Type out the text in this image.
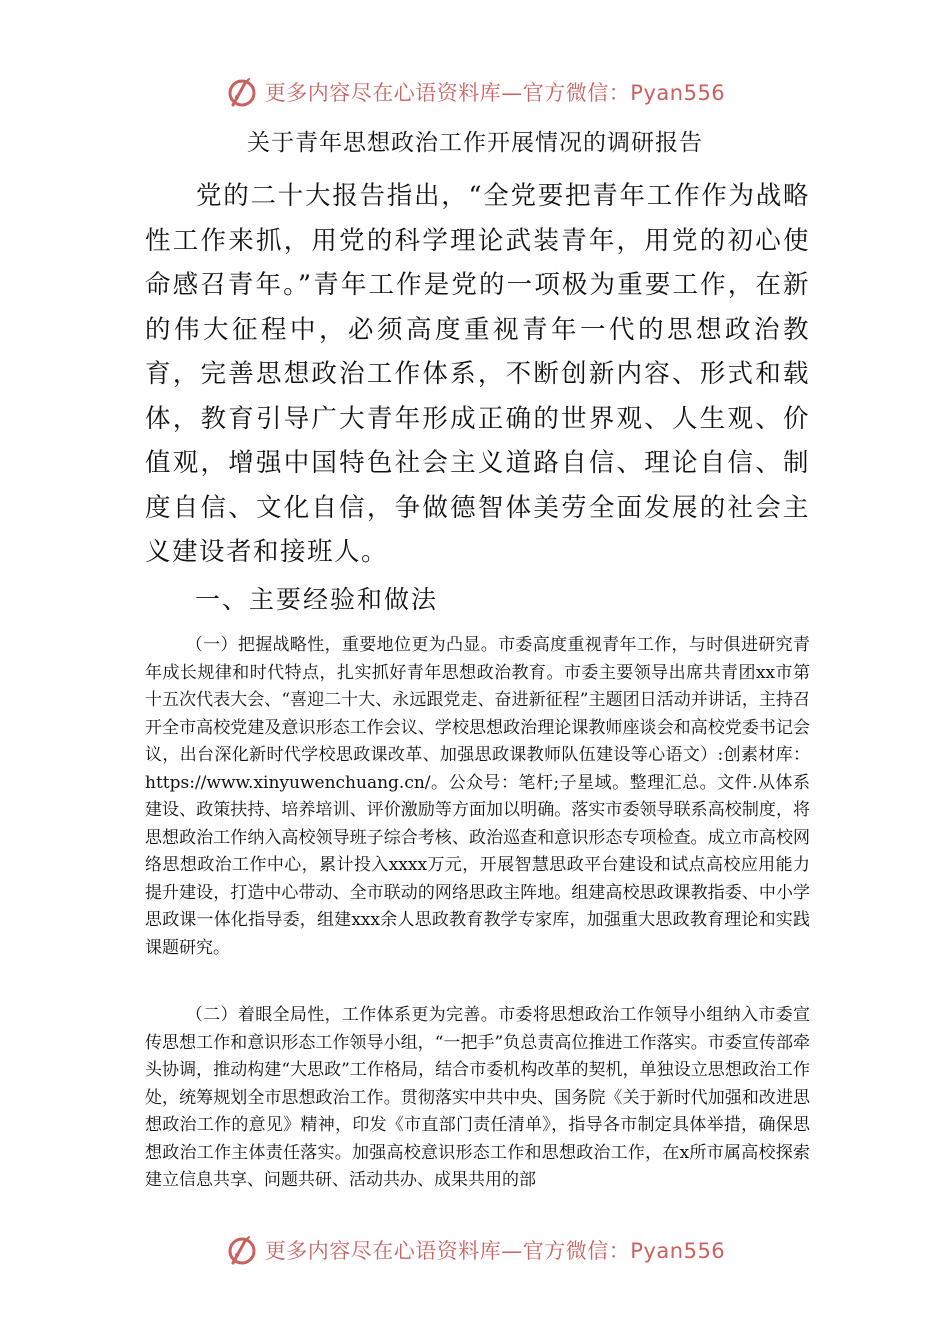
更多内容尽在心语资料库—官方微信：Pyan556
关于青年思想政治工作开展情况的调研报告

党的二十大报告指出，“全党要把青年工作作为战略性工作来抓，用党的科学理论武装青年，用党的初心使命感召青年。”青年工作是党的一项极为重要工作，在新的伟大征程中，必须高度重视青年一代的思想政治教育，完善思想政治工作体系，不断创新内容、形式和载体，教育引导广大青年形成正确的世界观、人生观、价值观，增强中国特色社会主义道路自信、理论自信、制度自信、文化自信，争做德智体美劳全面发展的社会主义建设者和接班人。

一、主要经验和做法

（一）把握战略性，重要地位更为凸显。市委高度重视青年工作，与时俱进研究青年成长规律和时代特点，扎实抓好青年思想政治教育。市委主要领导出席共青团xx市第十五次代表大会、“喜迎二十大、永远跟党走、奋进新征程”主题团日活动并讲话，主持召开全市高校党建及意识形态工作会议、学校思想政治理论课教师座谈会和高校党委书记会议，出台深化新时代学校思政课改革、加强思政课教师队伍建设等心语文）:创素材库：https://www.xinyuwenchuang.cn/。公众号：笔杆;子星域。整理汇总。文件.从体系建设、政策扶持、培养培训、评价激励等方面加以明确。落实市委领导联系高校制度，将思想政治工作纳入高校领导班子综合考核、政治巡查和意识形态专项检查。成立市高校网络思想政治工作中心，累计投入xxxx万元，开展智慧思政平台建设和试点高校应用能力提升建设，打造中心带动、全市联动的网络思政主阵地。组建高校思政课教指委、中小学思政课一体化指导委，组建xxx余人思政教育教学专家库，加强重大思政教育理论和实践课题研究。

（二）着眼全局性，工作体系更为完善。市委将思想政治工作领导小组纳入市委宣传思想工作和意识形态工作领导小组，“一把手”负总责高位推进工作落实。市委宣传部牵头协调，推动构建“大思政”工作格局，结合市委机构改革的契机，单独设立思想政治工作处，统筹规划全市思想政治工作。贯彻落实中共中央、国务院《关于新时代加强和改进思想政治工作的意见》精神，印发《市直部门责任清单》，指导各市制定具体举措，确保思想政治工作主体责任落实。加强高校意识形态工作和思想政治工作，在x所市属高校探索建立信息共享、问题共研、活动共办、成果共用的部

更多内容尽在心语资料库—官方微信：Pyan556
